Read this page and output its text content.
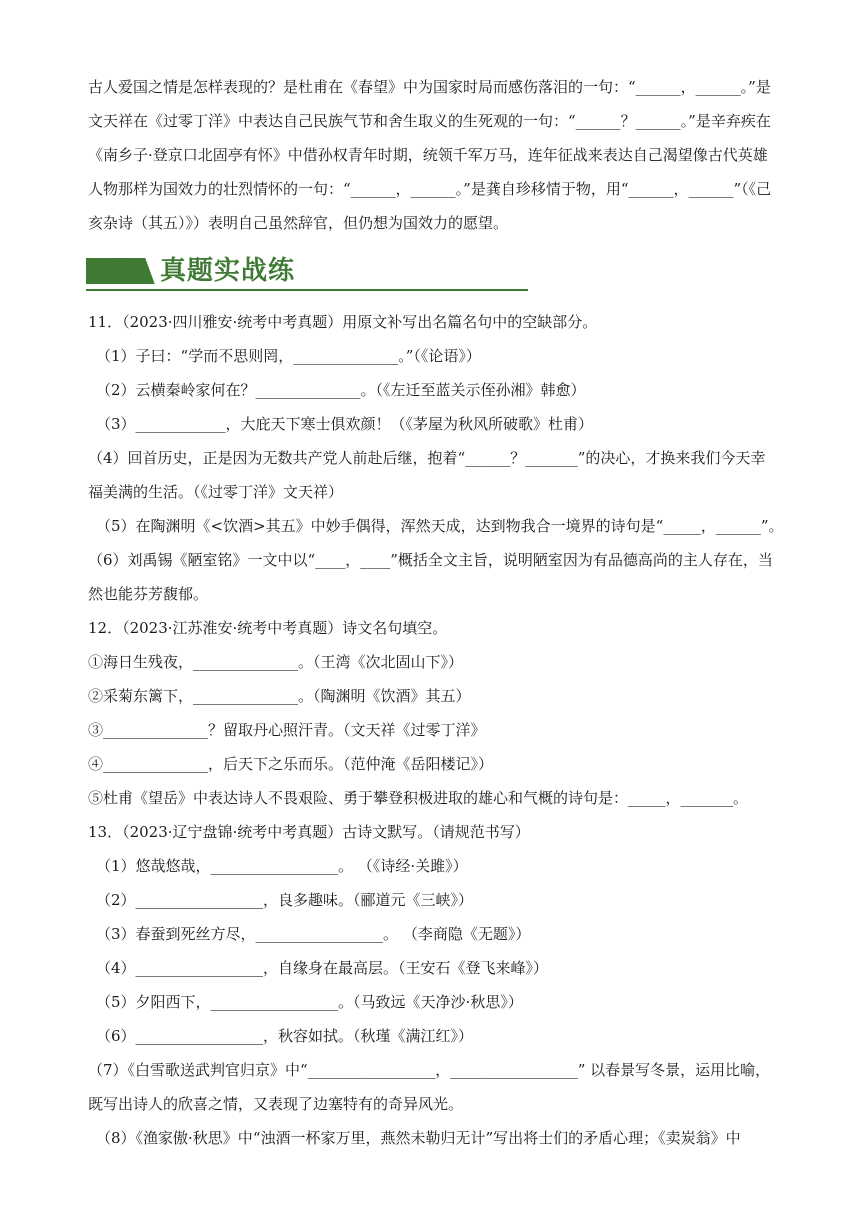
古人爱国之情是怎样表现的？是杜甫在《春望》中为国家时局而感伤落泪的一句：“______，______。”是文天祥在《过零丁洋》中表达自己民族气节和舍生取义的生死观的一句：“______？______。”是辛弃疾在《南乡子·登京口北固亭有怀》中借孙权青年时期，统领千军万马，连年征战来表达自己渴望像古代英雄人物那样为国效力的壮烈情怀的一句：“______，______。”是龚自珍移情于物，用“______，______”（《己亥杂诗（其五）》）表明自己虽然辞官，但仍想为国效力的愿望。

真题实战练
11．（2023·四川雅安·统考中考真题）用原文补写出名篇名句中的空缺部分。
（1）子曰：“学而不思则罔，______________。”（《论语》）
（2）云横秦岭家何在？______________。（《左迁至蓝关示侄孙湘》韩愈）
（3）____________，大庇天下寒士俱欢颜！（《茅屋为秋风所破歌》杜甫）
（4）回首历史，正是因为无数共产党人前赴后继，抱着“______？_______”的决心，才换来我们今天幸福美满的生活。（《过零丁洋》文天祥）
（5）在陶渊明《<饮酒>其五》中妙手偶得，浑然天成，达到物我合一境界的诗句是“_____，______”。
（6）刘禹锡《陋室铭》一文中以“____，____”概括全文主旨，说明陋室因为有品德高尚的主人存在，当然也能芬芳馥郁。
12．（2023·江苏淮安·统考中考真题）诗文名句填空。
①海日生残夜，______________。（王湾《次北固山下》）
②采菊东篱下，______________。（陶渊明《饮酒》其五）
③______________？留取丹心照汗青。（文天祥《过零丁洋》
④______________，后天下之乐而乐。（范仲淹《岳阳楼记》）
⑤杜甫《望岳》中表达诗人不畏艰险、勇于攀登积极进取的雄心和气概的诗句是：_____，_______。
13．（2023·辽宁盘锦·统考中考真题）古诗文默写。（请规范书写）
（1）悠哉悠哉，_________________。 （《诗经·关雎》）
（2）_________________，良多趣味。（郦道元《三峡》）
（3）春蚕到死丝方尽，_________________。 （李商隐《无题》）
（4）_________________，自缘身在最高层。（王安石《登飞来峰》）
（5）夕阳西下，_________________。（马致远《天净沙·秋思》）
（6）_________________，秋容如拭。（秋瑾《满江红》）
（7）《白雪歌送武判官归京》中“_________________，_________________” 以春景写冬景，运用比喻，既写出诗人的欣喜之情，又表现了边塞特有的奇异风光。
（8）《渔家傲·秋思》中“浊酒一杯家万里，燕然未勒归无计”写出将士们的矛盾心理；《卖炭翁》中
